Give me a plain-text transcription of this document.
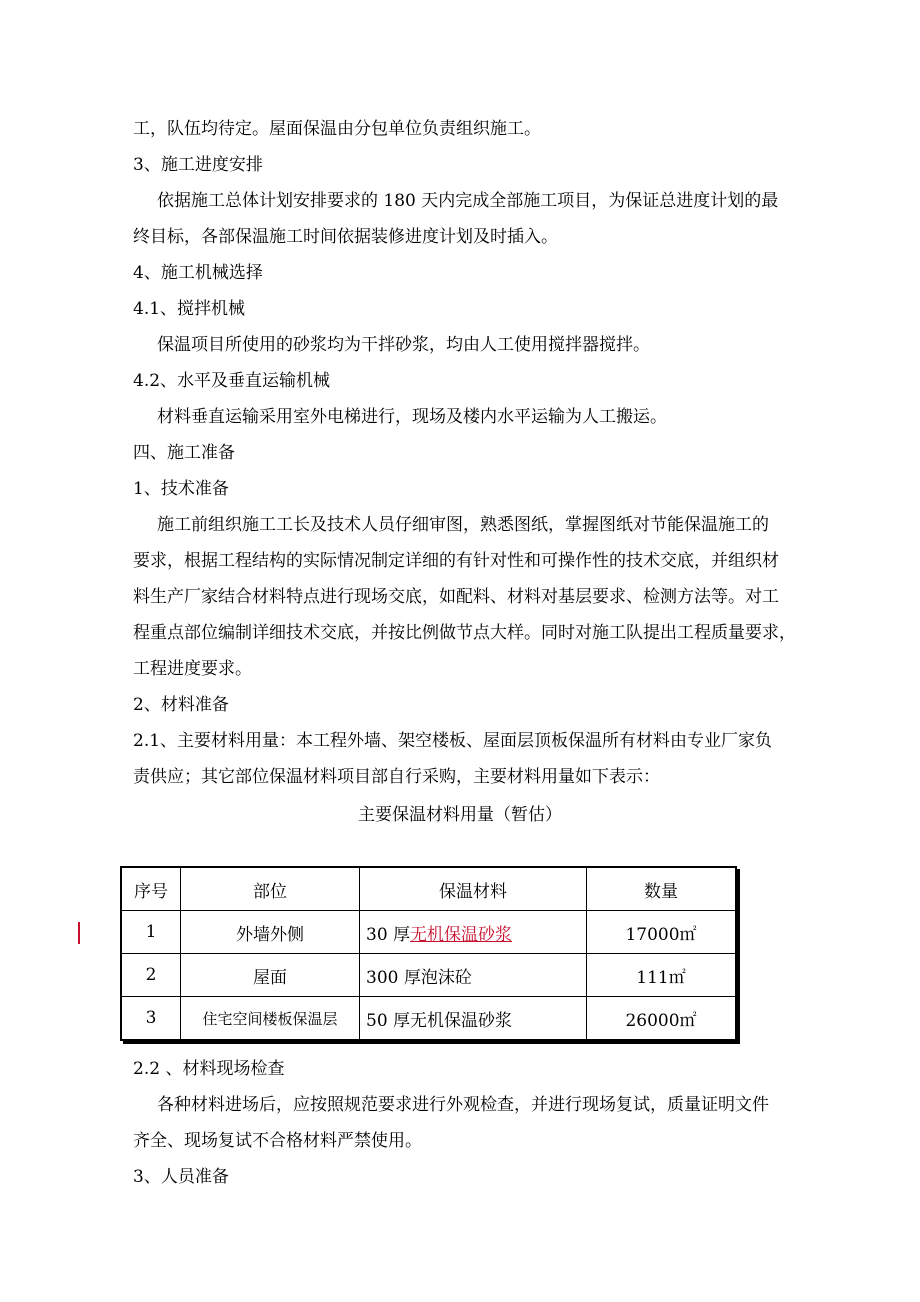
工，队伍均待定。屋面保温由分包单位负责组织施工。
3、施工进度安排
依据施工总体计划安排要求的 180 天内完成全部施工项目，为保证总进度计划的最
终目标，各部保温施工时间依据装修进度计划及时插入。
4、施工机械选择
4.1、搅拌机械
保温项目所使用的砂浆均为干拌砂浆，均由人工使用搅拌器搅拌。
4.2、水平及垂直运输机械
材料垂直运输采用室外电梯进行，现场及楼内水平运输为人工搬运。
四、施工准备
1、技术准备
施工前组织施工工长及技术人员仔细审图，熟悉图纸，掌握图纸对节能保温施工的
要求，根据工程结构的实际情况制定详细的有针对性和可操作性的技术交底，并组织材
料生产厂家结合材料特点进行现场交底，如配料、材料对基层要求、检测方法等。对工
程重点部位编制详细技术交底，并按比例做节点大样。同时对施工队提出工程质量要求，
工程进度要求。
2、材料准备
2.1、主要材料用量：本工程外墙、架空楼板、屋面层顶板保温所有材料由专业厂家负
责供应；其它部位保温材料项目部自行采购，主要材料用量如下表示：
主要保温材料用量（暂估）
序号	部位	保温材料	数量
1	外墙外侧	30 厚无机保温砂浆	17000㎡
2	屋面	300 厚泡沫砼	111㎡
3	住宅空间楼板保温层	50 厚无机保温砂浆	26000㎡
2.2 、材料现场检查
各种材料进场后，应按照规范要求进行外观检查，并进行现场复试，质量证明文件
齐全、现场复试不合格材料严禁使用。
3、人员准备
